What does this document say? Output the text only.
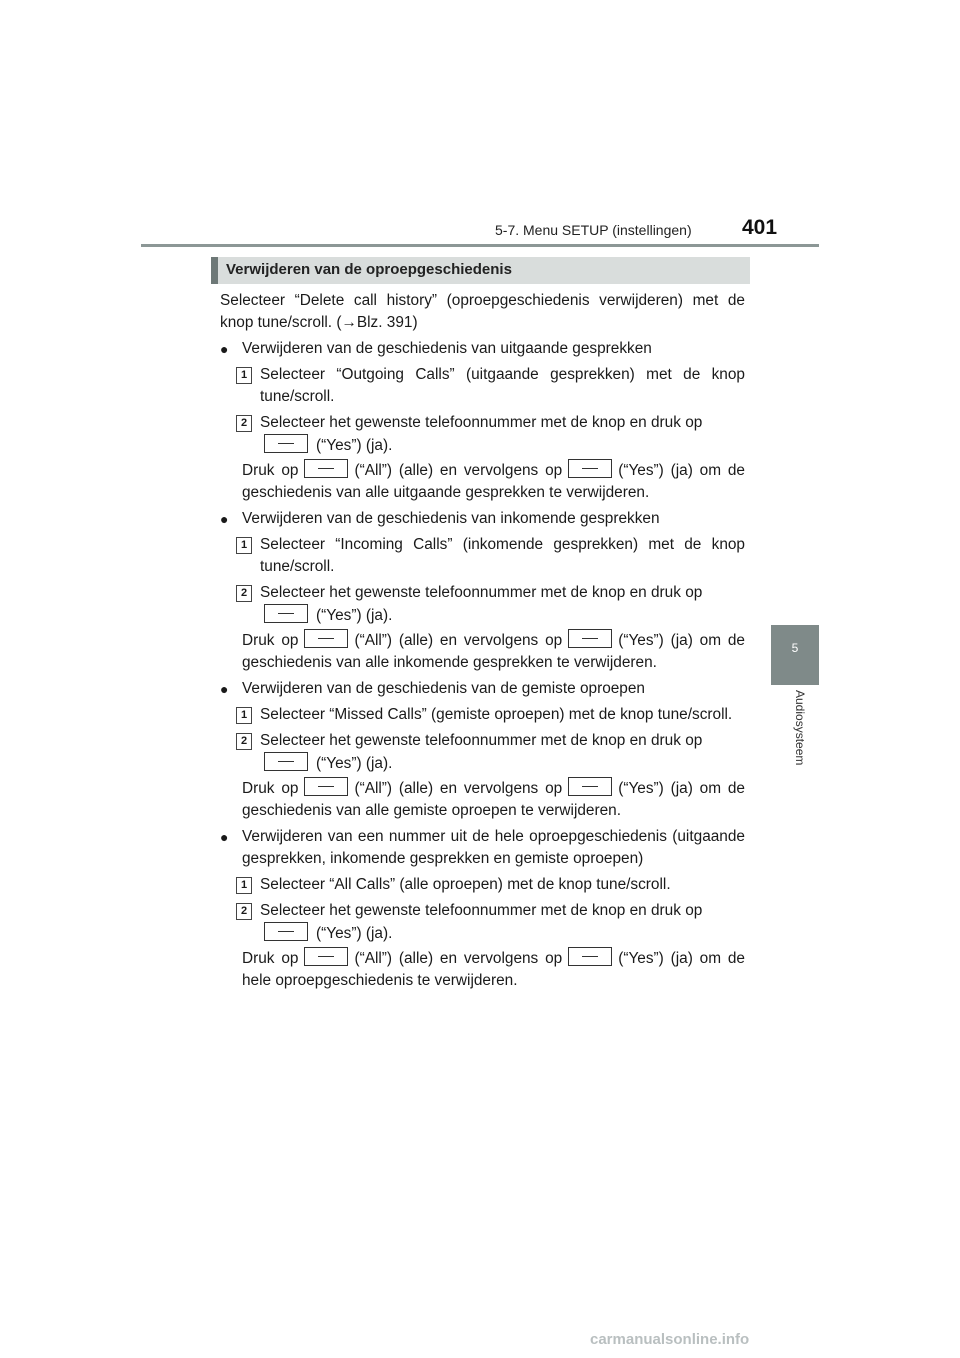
5-7. Menu SETUP (instellingen) 401
5
Audiosysteem
Verwijderen van de oproepgeschiedenis

Selecteer “Delete call history” (oproepgeschiedenis verwijderen) met de knop tune/scroll. (→Blz. 391)

● Verwijderen van de geschiedenis van uitgaande gesprekken
1 Selecteer “Outgoing Calls” (uitgaande gesprekken) met de knop tune/scroll.
2 Selecteer het gewenste telefoonnummer met de knop en druk op
(“Yes”) (ja).
Druk op	(“All”) (alle) en vervolgens op	(“Yes”) (ja) om de geschiedenis van alle uitgaande gesprekken te verwijderen.
● Verwijderen van de geschiedenis van inkomende gesprekken
1 Selecteer “Incoming Calls” (inkomende gesprekken) met de knop tune/scroll.
2 Selecteer het gewenste telefoonnummer met de knop en druk op
(“Yes”) (ja).
Druk op	(“All”) (alle) en vervolgens op	(“Yes”) (ja) om de geschiedenis van alle inkomende gesprekken te verwijderen.
● Verwijderen van de geschiedenis van de gemiste oproepen
1 Selecteer “Missed Calls” (gemiste oproepen) met de knop tune/scroll.
2 Selecteer het gewenste telefoonnummer met de knop en druk op
(“Yes”) (ja).
Druk op	(“All”) (alle) en vervolgens op	(“Yes”) (ja) om de geschiedenis van alle gemiste oproepen te verwijderen.
● Verwijderen van een nummer uit de hele oproepgeschiedenis (uitgaande gesprekken, inkomende gesprekken en gemiste oproepen)
1 Selecteer “All Calls” (alle oproepen) met de knop tune/scroll.
2 Selecteer het gewenste telefoonnummer met de knop en druk op
(“Yes”) (ja).
Druk op	(“All”) (alle) en vervolgens op	(“Yes”) (ja) om de hele oproepgeschiedenis te verwijderen.
carmanualsonline.info
